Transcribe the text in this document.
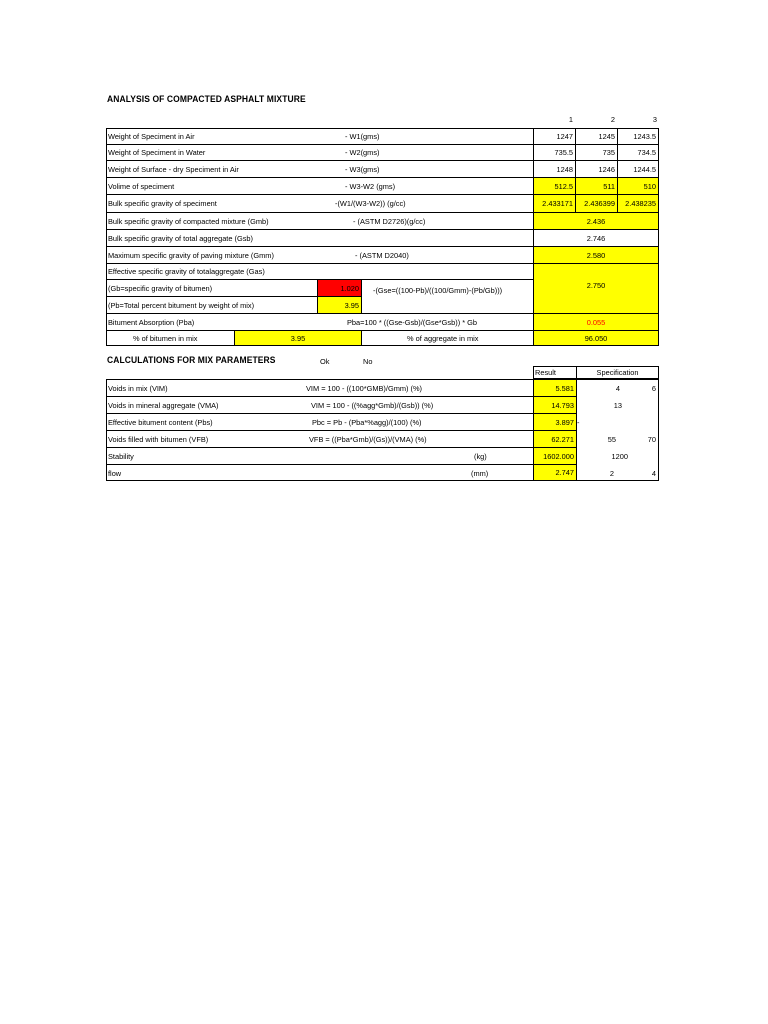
ANALYSIS OF COMPACTED ASPHALT MIXTURE
1	2	3
Weight of Speciment in Air	- W1(gms)	1247	1245	1243.5
Weight of Speciment in Water	- W2(gms)	735.5	735	734.5
Weight of Surface - dry Speciment in Air	- W3(gms)	1248	1246	1244.5
Volime of speciment	- W3-W2 (gms)	512.5	511	510
Bulk specific gravity of speciment	-(W1/(W3-W2)) (g/cc)	2.433171	2.436399	2.438235
Bulk specific gravity of compacted mixture (Gmb)	- (ASTM D2726)(g/cc)	2.436
Bulk specific gravity of total aggregate (Gsb)	2.746
Maximum specific gravity of paving mixture (Gmm)	- (ASTM D2040)	2.580
Effective specific gravity of totalaggregate (Gas)
(Gb=specific gravity of bitumen)	1.020
(Pb=Total percent bitument by weight of mix)	3.95
-(Gse=((100-Pb)/((100/Gmm)-(Pb/Gb)))
2.750
Bitument Absorption (Pba)	Pba=100 * ((Gse-Gsb)/(Gse*Gsb)) * Gb	0.055
% of bitumen in mix	3.95	% of aggregate in mix	96.050
CALCULATIONS FOR MIX PARAMETERS	Ok	No
Result	Specification
Voids in mix (VIM)	VIM = 100 - ((100*GMB)/Gmm) (%)	5.581	4	6
Voids in mineral aggregate (VMA)	VIM = 100 - ((%agg*Gmb)/(Gsb)) (%)	14.793	13
Effective bitument content (Pbs)	Pbc = Pb - (Pba*%agg)/(100) (%)	3.897 -
Voids filled with bitumen (VFB)	VFB = ((Pba*Gmb)/(Gs))/(VMA) (%)	62.271	55	70
Stability	(kg)	1602.000	1200
flow	(mm)	2.747	2	4
